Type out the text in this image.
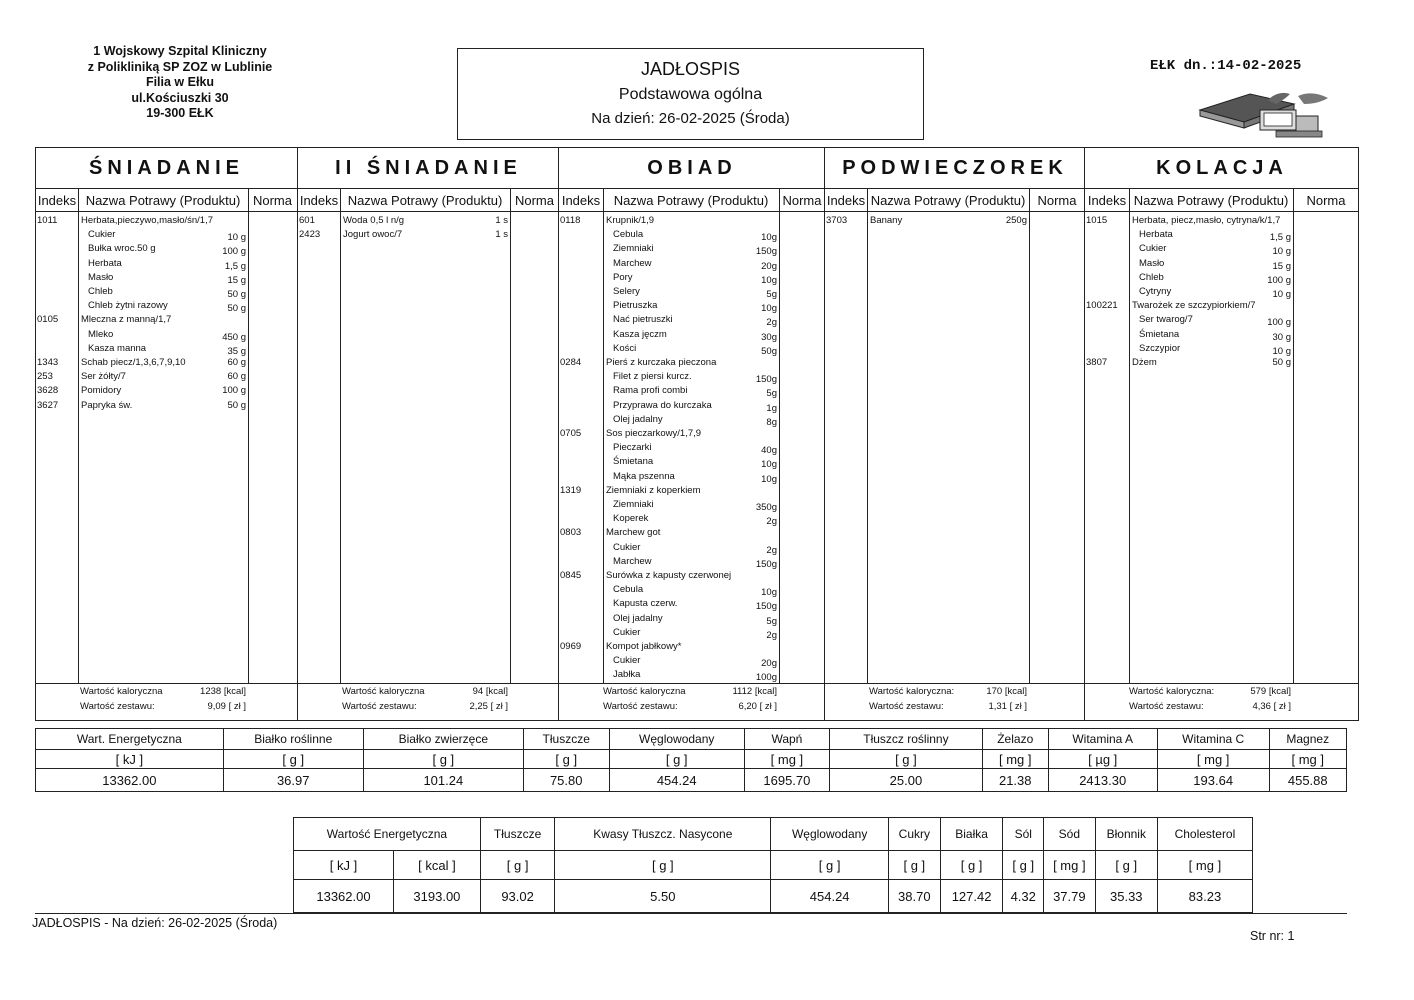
1 Wojskowy Szpital Kliniczny
z Polikliniką SP ZOZ w Lublinie
Filia w Ełku
ul.Kościuszki 30
19-300 EŁK
JADŁOSPIS
Podstawowa ogólna
Na dzień: 26-02-2025 (Środa)
EŁK dn.:14-02-2025
ŚNIADANIE
Indeks Nazwa Potrawy (Produktu) Norma
1011 Herbata,pieczywo,masło/śn/1,7
Cukier	10 g
Bułka wroc.50 g	100 g
Herbata	1,5 g
Masło	15 g
Chleb	50 g
Chleb żytni razowy	50 g
0105 Mleczna z manną/1,7
Mleko	450 g
Kasza manna	35 g
1343 Schab piecz/1,3,6,7,9,10	60 g
253	Ser żółty/7	60 g
3628 Pomidory	100 g
3627 Papryka św.	50 g
Wartość kaloryczna	1238 [kcal]
Wartość zestawu:	9,09 [ zł ]
II ŚNIADANIE
Indeks Nazwa Potrawy (Produktu) Norma
601	Woda 0,5 l n/g	1 s
2423 Jogurt owoc/7	1 s
Wartość kaloryczna	94 [kcal]
Wartość zestawu:	2,25 [ zł ]
OBIAD
Indeks	Nazwa Potrawy (Produktu)	Norma
0118	Krupnik/1,9
Cebula	10g
Ziemniaki	150g
Marchew	20g
Pory	10g
Selery	5g
Pietruszka	10g
Nać pietruszki	2g
Kasza jęczm	30g
Kości	50g
0284	Pierś z kurczaka pieczona
Filet z piersi kurcz.	150g
Rama profi combi	5g
Przyprawa do kurczaka	1g
Olej jadalny	8g
0705	Sos pieczarkowy/1,7,9
Pieczarki	40g
Śmietana	10g
Mąka pszenna	10g
1319	Ziemniaki z koperkiem
Ziemniaki	350g
Koperek	2g
0803	Marchew got
Cukier	2g
Marchew	150g
0845	Surówka z kapusty czerwonej
Cebula	10g
Kapusta czerw.	150g
Olej jadalny	5g
Cukier	2g
0969	Kompot jabłkowy*
Cukier	20g
Jabłka	100g
Wartość kaloryczna	1112 [kcal]
Wartość zestawu:	6,20 [ zł ]
PODWIECZOREK
Indeks Nazwa Potrawy (Produktu) Norma
3703 Banany	250g
Wartość kaloryczna:	170 [kcal]
Wartość zestawu:	1,31 [ zł ]
KOLACJA
Indeks Nazwa Potrawy (Produktu)	Norma
1015	Herbata, piecz,masło, cytryna/k/1,7
Herbata	1,5 g
Cukier	10 g
Masło	15 g
Chleb	100 g
Cytryny	10 g
100221 Twarożek ze szczypiorkiem/7
Ser twarog/7	100 g
Śmietana	30 g
Szczypior	10 g
3807	Dżem	50 g
Wartość kaloryczna:	579 [kcal]
Wartość zestawu:	4,36 [ zł ]
Wart. Energetyczna	Białko roślinne	Białko zwierzęce	Tłuszcze	Węglowodany	Wapń	Tłuszcz roślinny	Żelazo	Witamina A	Witamina C	Magnez
[ kJ ]	[ g ]	[ g ]	[ g ]	[ g ]	[ mg ]	[ g ]	[ mg ]	[ µg ]	[ mg ]	[ mg ]
13362.00	36.97	101.24	75.80	454.24	1695.70	25.00	21.38	2413.30	193.64	455.88
Wartość Energetyczna		Tłuszcze	Kwasy Tłuszcz. Nasycone	Węglowodany	Cukry	Białka	Sól	Sód	Błonnik	Cholesterol
[ kJ ]	[ kcal ]	[ g ]	[ g ]	[ g ]	[ g ]	[ g ]	[ g ]	[ mg ]	[ g ]	[ mg ]
13362.00	3193.00	93.02	5.50	454.24	38.70	127.42	4.32	37.79	35.33	83.23
JADŁOSPIS - Na dzień: 26-02-2025 (Środa)
Str nr: 1
